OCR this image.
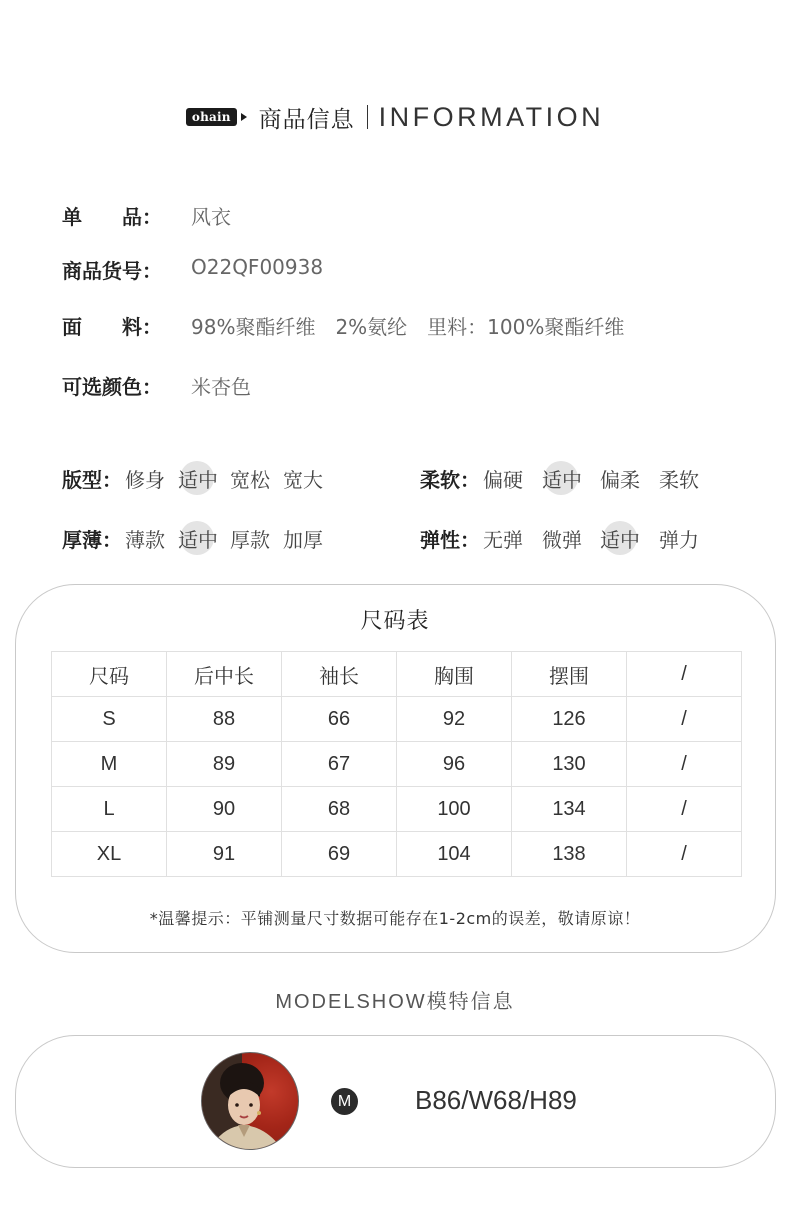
ohain 商品信息 INFORMATION
单　　品： 风衣
商品货号： O22QF00938
面　　料： 98%聚酯纤维　2%氨纶　里料：100%聚酯纤维
可选颜色： 米杏色
版型： 修身 适中 宽松 宽大	柔软： 偏硬 适中 偏柔 柔软
厚薄： 薄款 适中 厚款 加厚	弹性： 无弹 微弹 适中 弹力
尺码表
尺码	后中长	袖长	胸围	摆围	/
S	88	66	92	126	/
M	89	67	96	130	/
L	90	68	100	134	/
XL	91	69	104	138	/
*温馨提示：平铺测量尺寸数据可能存在1-2cm的误差，敬请原谅！
MODELSHOW模特信息
M B86/W68/H89
